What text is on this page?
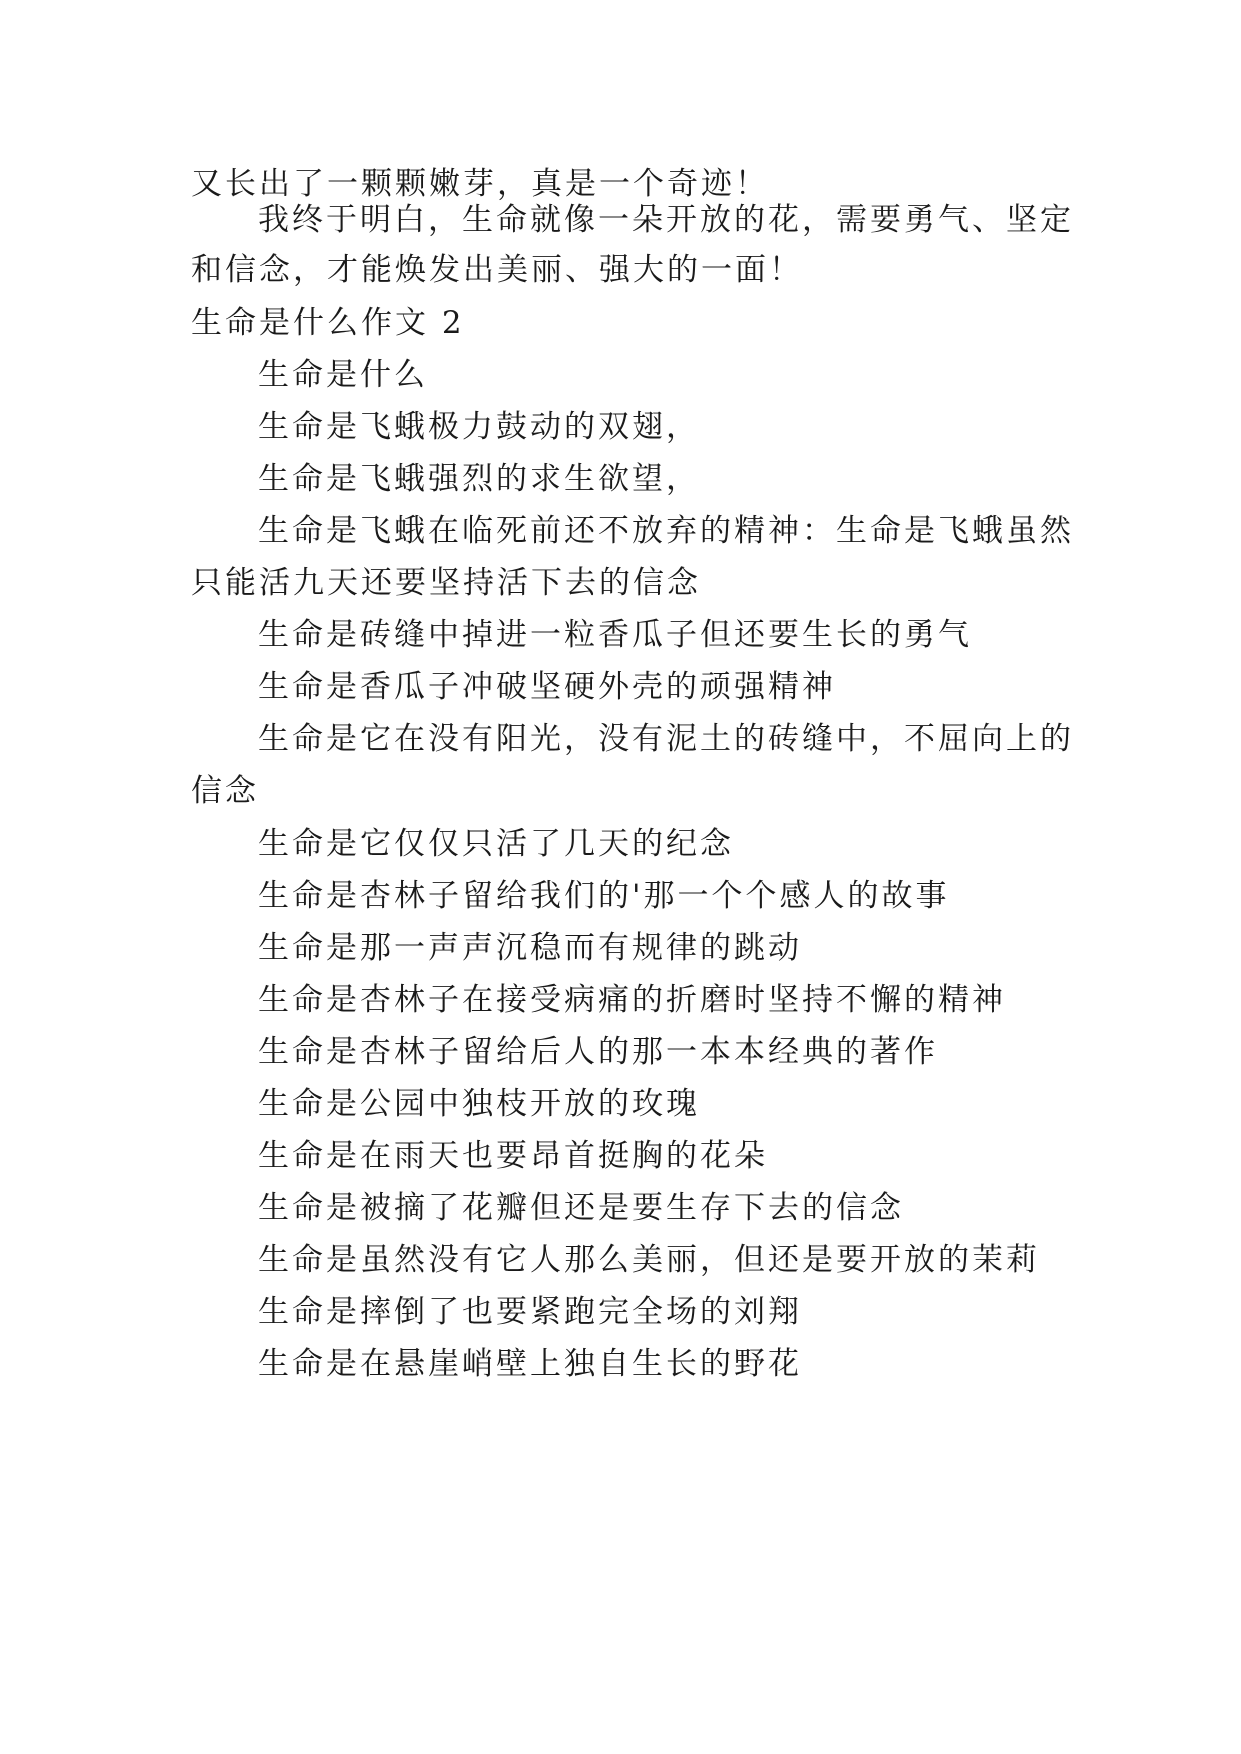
又长出了一颗颗嫩芽，真是一个奇迹！
我终于明白，生命就像一朵开放的花，需要勇气、坚定
和信念，才能焕发出美丽、强大的一面！
生命是什么作文 2
生命是什么
生命是飞蛾极力鼓动的双翅，
生命是飞蛾强烈的求生欲望，
生命是飞蛾在临死前还不放弃的精神：生命是飞蛾虽然
只能活九天还要坚持活下去的信念
生命是砖缝中掉进一粒香瓜子但还要生长的勇气
生命是香瓜子冲破坚硬外壳的顽强精神
生命是它在没有阳光，没有泥土的砖缝中，不屈向上的
信念
生命是它仅仅只活了几天的纪念
生命是杏林子留给我们的'那一个个感人的故事
生命是那一声声沉稳而有规律的跳动
生命是杏林子在接受病痛的折磨时坚持不懈的精神
生命是杏林子留给后人的那一本本经典的著作
生命是公园中独枝开放的玫瑰
生命是在雨天也要昂首挺胸的花朵
生命是被摘了花瓣但还是要生存下去的信念
生命是虽然没有它人那么美丽，但还是要开放的茉莉
生命是摔倒了也要紧跑完全场的刘翔
生命是在悬崖峭壁上独自生长的野花
